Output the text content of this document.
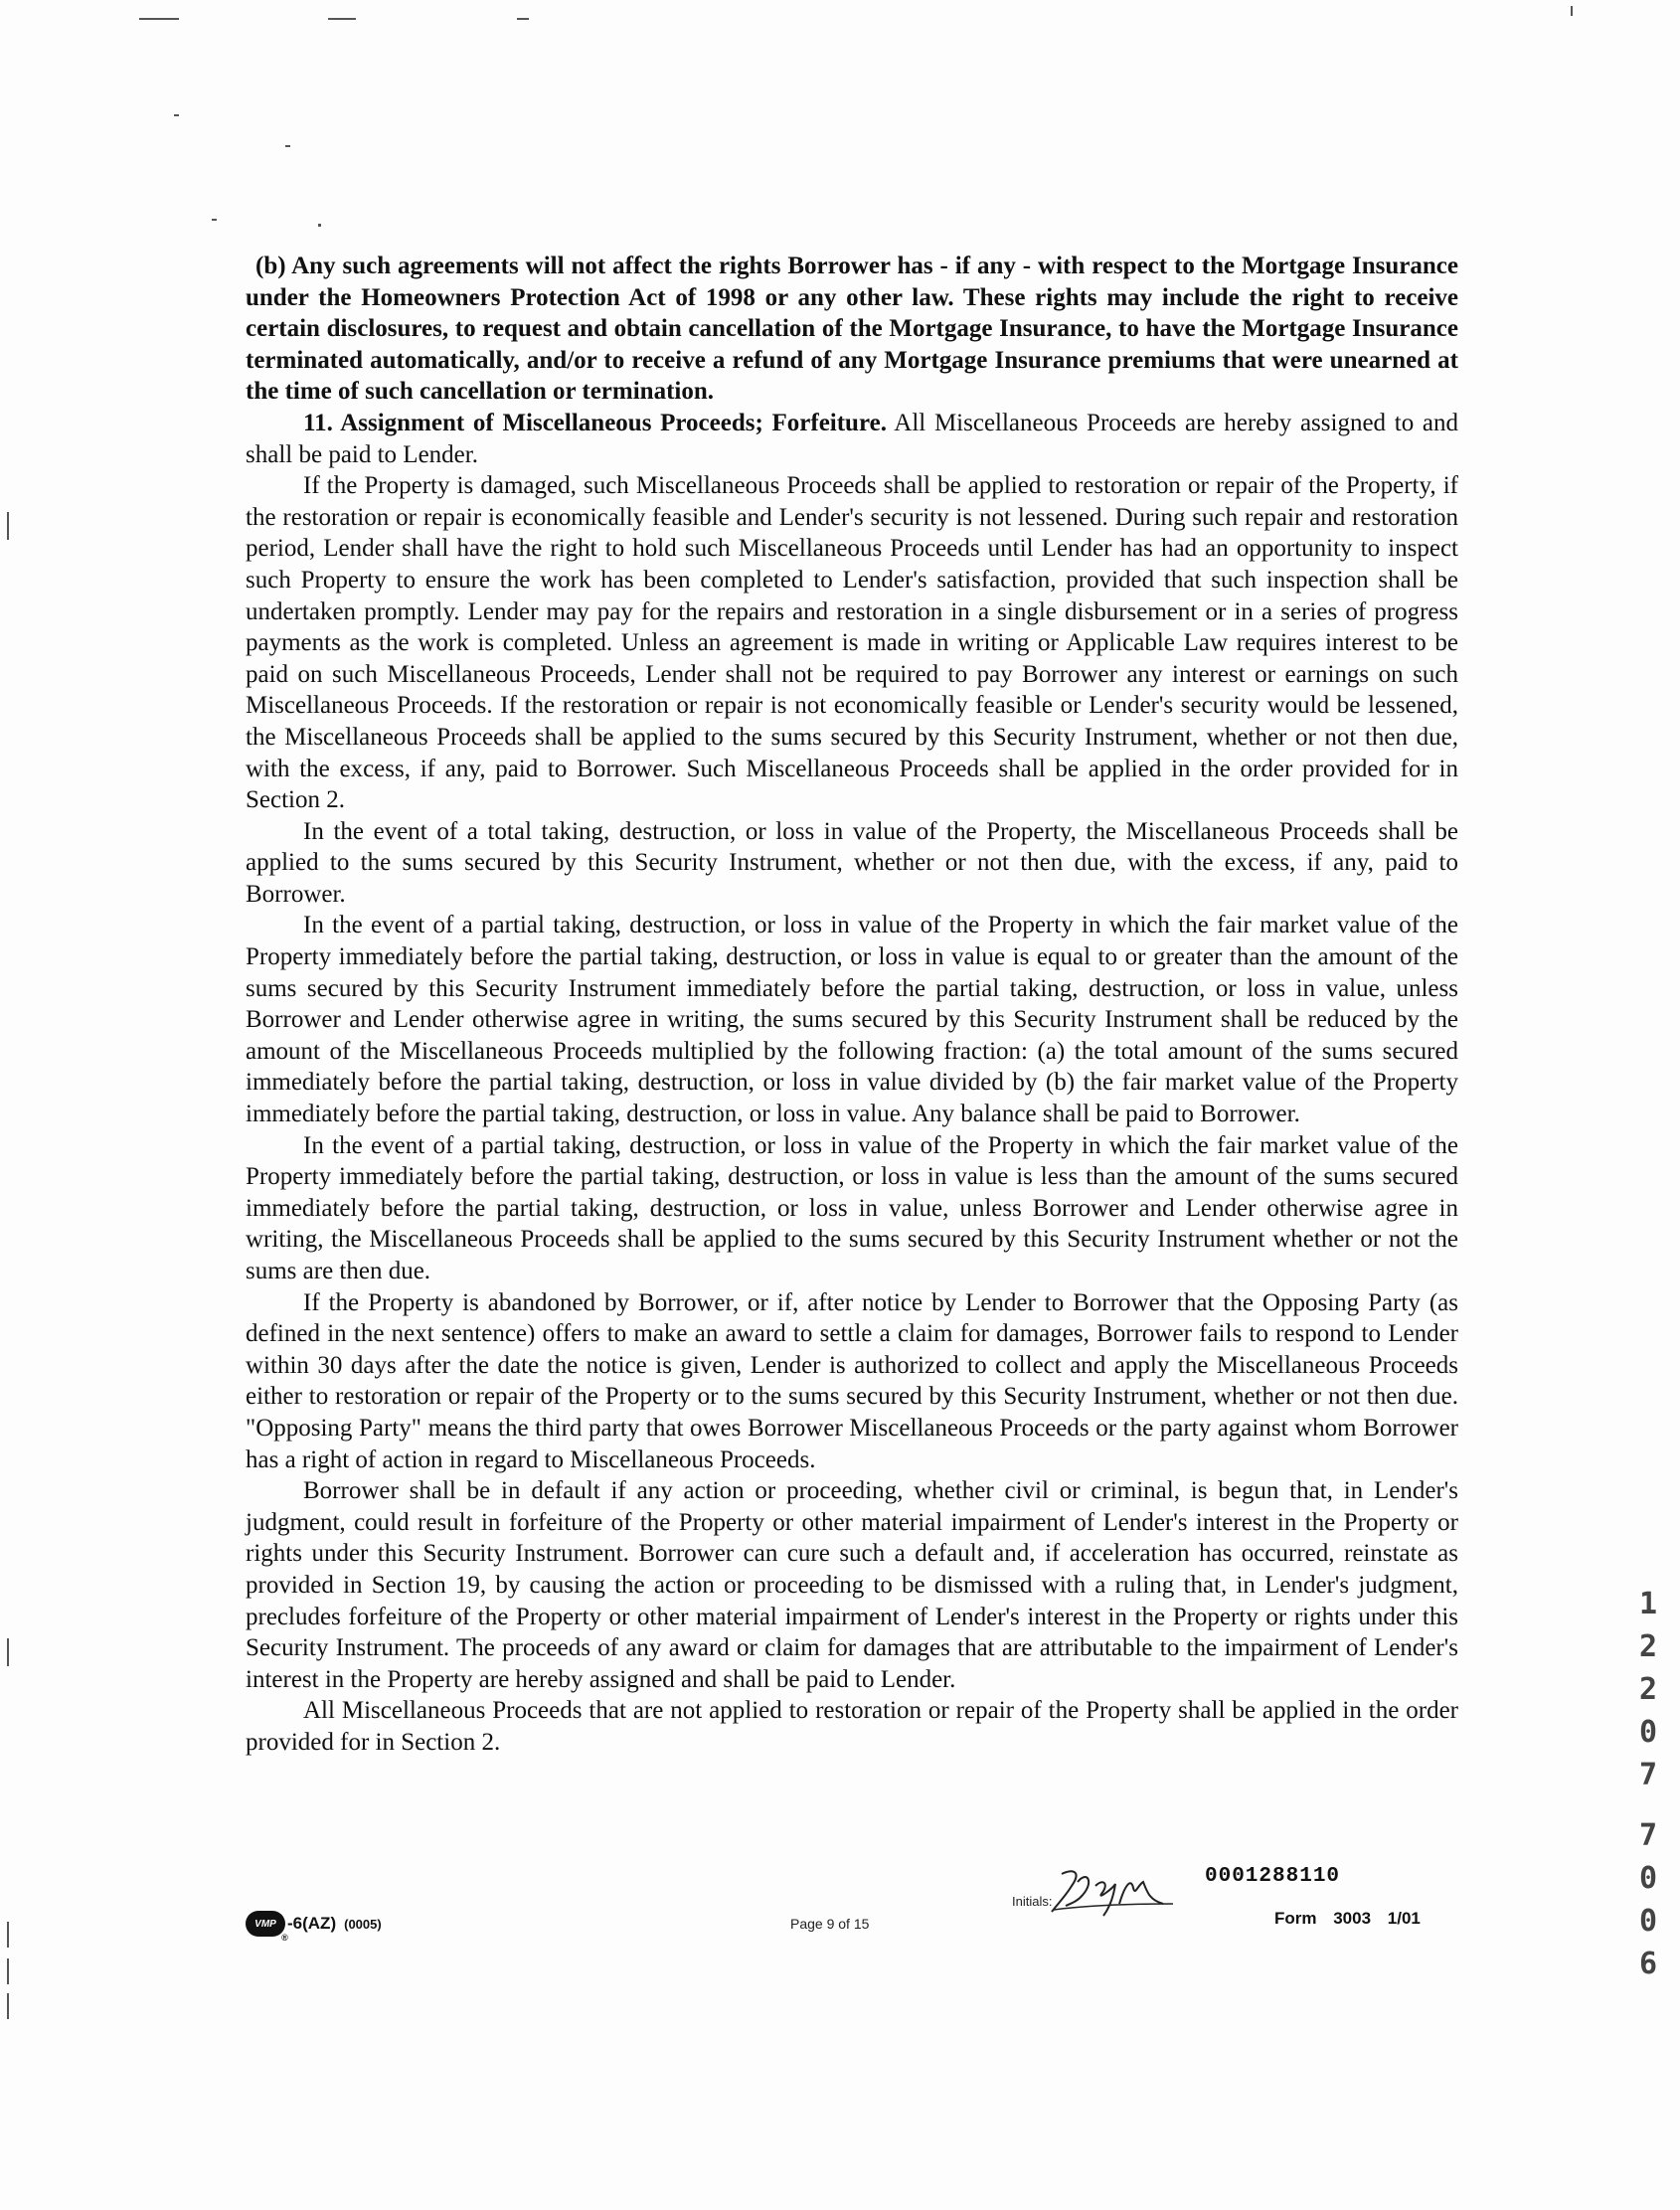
(b) Any such agreements will not affect the rights Borrower has - if any - with respect to the Mortgage Insurance under the Homeowners Protection Act of 1998 or any other law. These rights may include the right to receive certain disclosures, to request and obtain cancellation of the Mortgage Insurance, to have the Mortgage Insurance terminated automatically, and/or to receive a refund of any Mortgage Insurance premiums that were unearned at the time of such cancellation or termination.

11. Assignment of Miscellaneous Proceeds; Forfeiture. All Miscellaneous Proceeds are hereby assigned to and shall be paid to Lender.

If the Property is damaged, such Miscellaneous Proceeds shall be applied to restoration or repair of the Property, if the restoration or repair is economically feasible and Lender's security is not lessened. During such repair and restoration period, Lender shall have the right to hold such Miscellaneous Proceeds until Lender has had an opportunity to inspect such Property to ensure the work has been completed to Lender's satisfaction, provided that such inspection shall be undertaken promptly. Lender may pay for the repairs and restoration in a single disbursement or in a series of progress payments as the work is completed. Unless an agreement is made in writing or Applicable Law requires interest to be paid on such Miscellaneous Proceeds, Lender shall not be required to pay Borrower any interest or earnings on such Miscellaneous Proceeds. If the restoration or repair is not economically feasible or Lender's security would be lessened, the Miscellaneous Proceeds shall be applied to the sums secured by this Security Instrument, whether or not then due, with the excess, if any, paid to Borrower. Such Miscellaneous Proceeds shall be applied in the order provided for in Section 2.

In the event of a total taking, destruction, or loss in value of the Property, the Miscellaneous Proceeds shall be applied to the sums secured by this Security Instrument, whether or not then due, with the excess, if any, paid to Borrower.

In the event of a partial taking, destruction, or loss in value of the Property in which the fair market value of the Property immediately before the partial taking, destruction, or loss in value is equal to or greater than the amount of the sums secured by this Security Instrument immediately before the partial taking, destruction, or loss in value, unless Borrower and Lender otherwise agree in writing, the sums secured by this Security Instrument shall be reduced by the amount of the Miscellaneous Proceeds multiplied by the following fraction: (a) the total amount of the sums secured immediately before the partial taking, destruction, or loss in value divided by (b) the fair market value of the Property immediately before the partial taking, destruction, or loss in value. Any balance shall be paid to Borrower.

In the event of a partial taking, destruction, or loss in value of the Property in which the fair market value of the Property immediately before the partial taking, destruction, or loss in value is less than the amount of the sums secured immediately before the partial taking, destruction, or loss in value, unless Borrower and Lender otherwise agree in writing, the Miscellaneous Proceeds shall be applied to the sums secured by this Security Instrument whether or not the sums are then due.

If the Property is abandoned by Borrower, or if, after notice by Lender to Borrower that the Opposing Party (as defined in the next sentence) offers to make an award to settle a claim for damages, Borrower fails to respond to Lender within 30 days after the date the notice is given, Lender is authorized to collect and apply the Miscellaneous Proceeds either to restoration or repair of the Property or to the sums secured by this Security Instrument, whether or not then due. "Opposing Party" means the third party that owes Borrower Miscellaneous Proceeds or the party against whom Borrower has a right of action in regard to Miscellaneous Proceeds.

Borrower shall be in default if any action or proceeding, whether civil or criminal, is begun that, in Lender's judgment, could result in forfeiture of the Property or other material impairment of Lender's interest in the Property or rights under this Security Instrument. Borrower can cure such a default and, if acceleration has occurred, reinstate as provided in Section 19, by causing the action or proceeding to be dismissed with a ruling that, in Lender's judgment, precludes forfeiture of the Property or other material impairment of Lender's interest in the Property or rights under this Security Instrument. The proceeds of any award or claim for damages that are attributable to the impairment of Lender's interest in the Property are hereby assigned and shall be paid to Lender.

All Miscellaneous Proceeds that are not applied to restoration or repair of the Property shall be applied in the order provided for in Section 2.

VMP
®
-6(AZ) (0005)	Page 9 of 15
Initials:
0001288110
Form 3003 1/01
1
2
2
0
7
7
0
0
6
